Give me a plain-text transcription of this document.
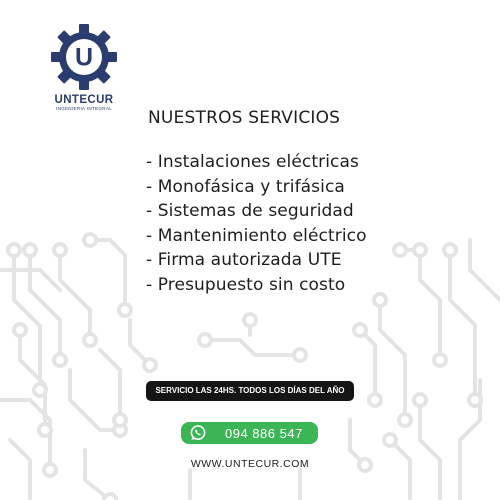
U
UNTECUR
INGENIERÍA INTEGRAL	NUESTROS SERVICIOS
- Instalaciones eléctricas
- Monofásica y trifásica
- Sistemas de seguridad
- Mantenimiento eléctrico
- Firma autorizada UTE
- Presupuesto sin costo
SERVICIO LAS 24HS. TODOS LOS DÍAS DEL AÑO
094 886 547
WWW.UNTECUR.COM
